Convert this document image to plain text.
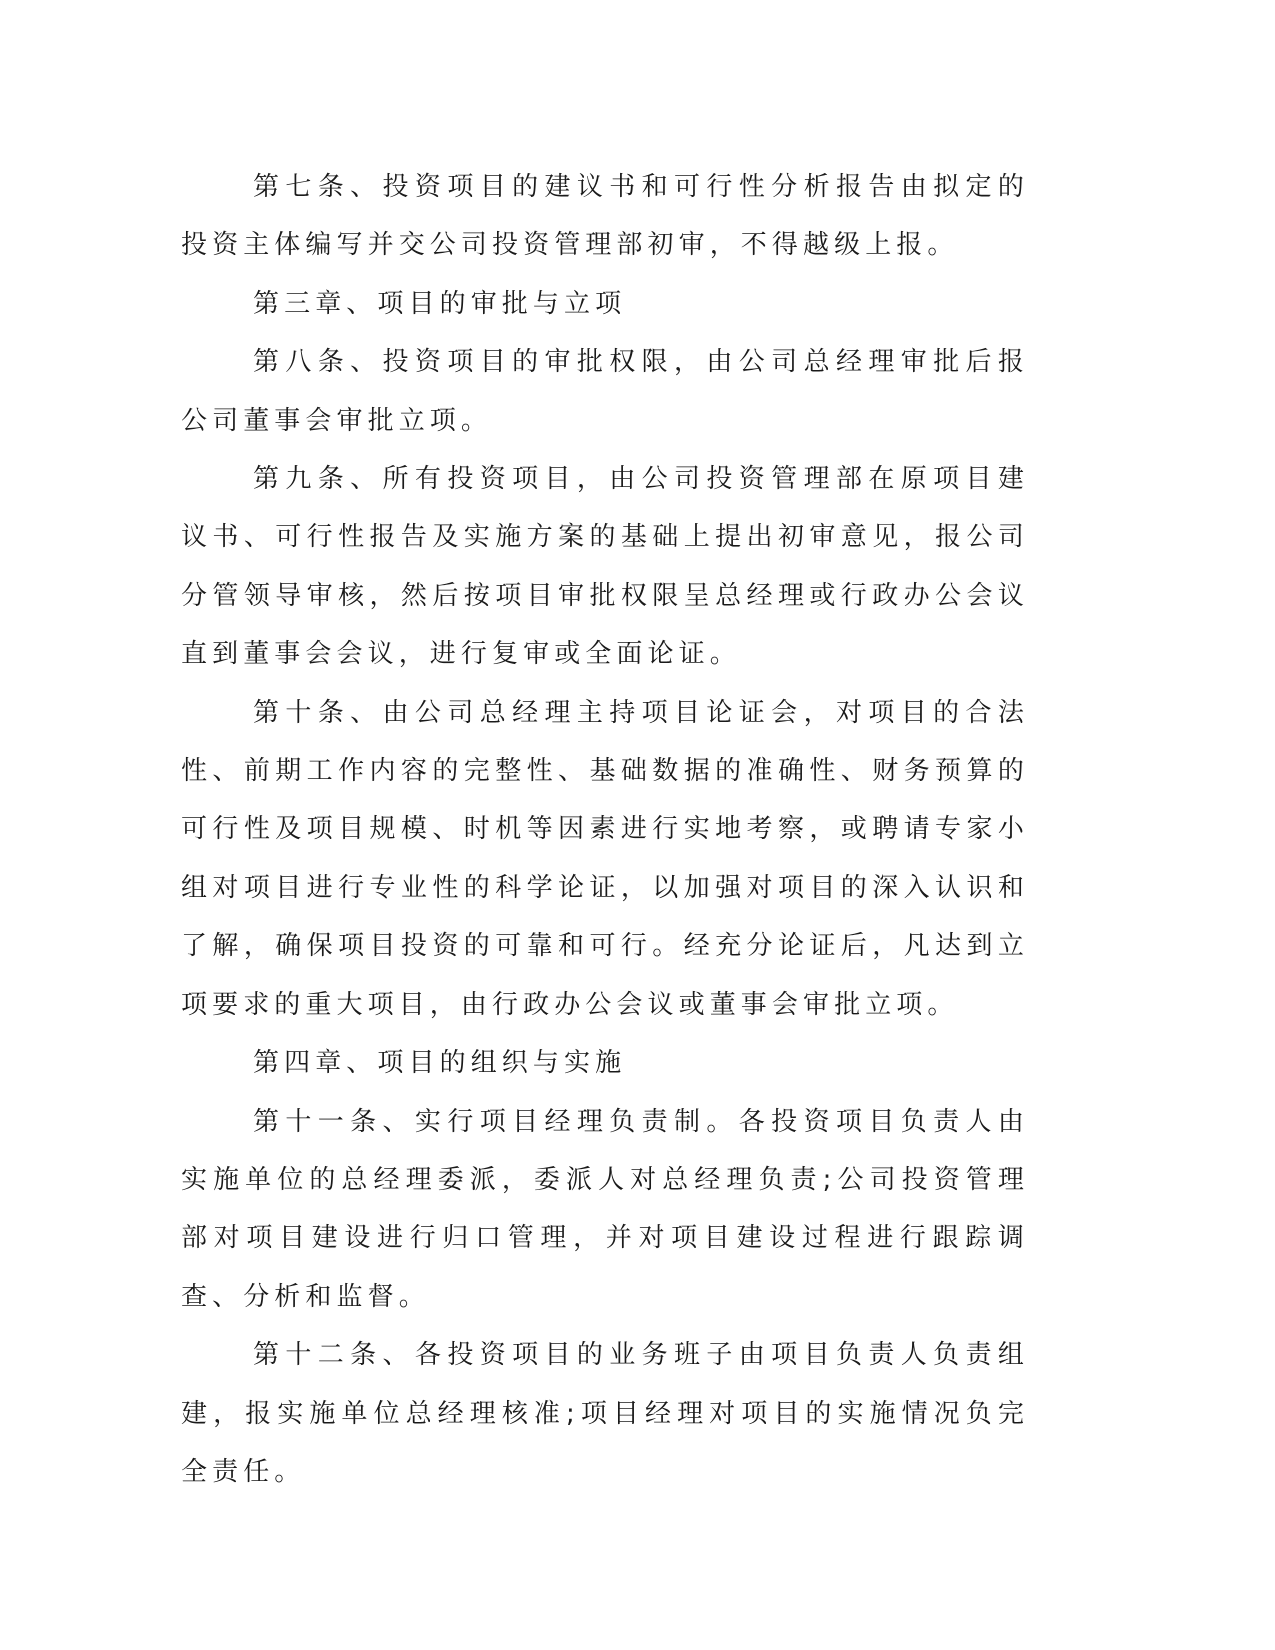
第七条、投资项目的建议书和可行性分析报告由拟定的投资主体编写并交公司投资管理部初审，不得越级上报。

第三章、项目的审批与立项

第八条、投资项目的审批权限，由公司总经理审批后报公司董事会审批立项。

第九条、所有投资项目，由公司投资管理部在原项目建议书、可行性报告及实施方案的基础上提出初审意见，报公司分管领导审核，然后按项目审批权限呈总经理或行政办公会议直到董事会会议，进行复审或全面论证。

第十条、由公司总经理主持项目论证会，对项目的合法性、前期工作内容的完整性、基础数据的准确性、财务预算的可行性及项目规模、时机等因素进行实地考察，或聘请专家小组对项目进行专业性的科学论证，以加强对项目的深入认识和了解，确保项目投资的可靠和可行。经充分论证后，凡达到立项要求的重大项目，由行政办公会议或董事会审批立项。

第四章、项目的组织与实施

第十一条、实行项目经理负责制。各投资项目负责人由实施单位的总经理委派，委派人对总经理负责;公司投资管理部对项目建设进行归口管理，并对项目建设过程进行跟踪调查、分析和监督。

第十二条、各投资项目的业务班子由项目负责人负责组建，报实施单位总经理核准;项目经理对项目的实施情况负完全责任。
